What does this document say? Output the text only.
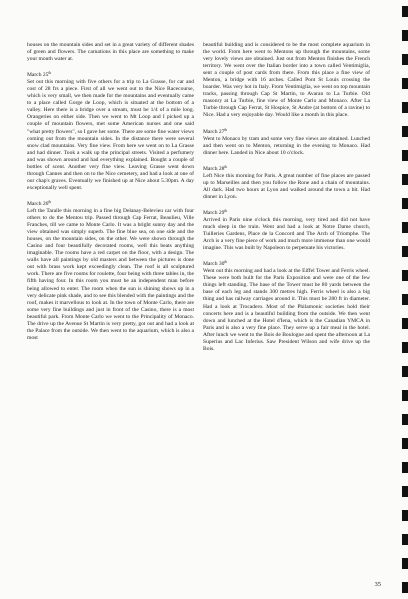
houses on the mountain sides and set in a great variety of different shades of green and flowers. The carnations in this place are something to make your mouth water at.

March 25th
Set out this morning with five others for a trip to La Grasse, for car and cost of 28 frs a piece. First of all we went out to the Nice Racecourse, which is very small, we then made for the mountains and eventually came to a place called Gorge de Loop, which is situated at the bottom of a valley. Here there is a bridge over a stream, must be 1/4 of a mile long. Orangeries on either side. Then we went to Mt Loop and I picked up a couple of mountain flowers, met some American nurses and one said "what pretty flowers", so I gave her some. There are some fine water views coming out from the mountain sides. In the distance there were several snow clad mountains. Very fine view. From here we went on to La Grasse and had dinner. Took a walk up the principal streets. Visited a perfumery and was shown around and had everything explained. Bought a couple of bottles of scent. Another very fine view. Leaving Grasse went down through Cannes and then on to the Nice cemetery, and had a look at one of our chap's graves. Eventually we finished up at Nice about 5.30pm. A day exceptionally well spent.

March 26th
Left the Taralle this morning in a fine big Delanay-Belevieu car with four others to do the Mentou trip. Passed through Cap Ferrat, Beaulieu, Ville Franches, till we came to Monte Carlo. It was a bright sunny day and the view obtained was simply superb. The fine blue sea, on one side and the houses, on the mountain sides, on the other. We were shown through the Casino and four beautifully decorated rooms, well this beats anything imaginable. The rooms have a red carpet on the floor, with a design. The walls have all paintings by old masters and between the pictures is done out with brass work kept exceedingly clean. The roof is all sculptured work. There are five rooms for roulette, four being with three tables in, the fifth having four. In this room you must be an independent man before being allowed to enter. The room when the sun is shining shows up in a very delicate pink shade, and to see this blended with the paintings and the roof, makes it marvellous to look at. In the town of Monte Carlo, there are some very fine buildings and just in front of the Casino, there is a most beautiful park. From Monte Carlo we went to the Principality of Monaco. The drive up the Avenue St Martin is very pretty, got out and had a look at the Palace from the outside. We then went to the aquarium, which is also a most

beautiful building and is considered to be the most complete aquarium in the world. From here went to Mentons up through the mountains, some very lovely views are obtained. Just out from Menton finishes the French territory. We went over the Italian border into a town called Ventimiglia, sent a couple of post cards from there. From this place a fine view of Menton, a bridge with 16 arches. Called Pont St Louis crossing the boarder. Was very hot in Italy. From Ventimiglia, we went on top mountain tracks, passing through Cap St Martin, to Avaran to La Turbie. Old masonry at La Turbie, fine view of Monte Carlo and Monaco. After La Turbie through Cap Ferrat, St Hospice, St Andre (at bottom of a ravine) to Nice. Had a very enjoyable day. Would like a month in this place.

March 27th
Went to Monaco by tram and some very fine views are obtained. Lunched and then went on to Menton, returning in the evening to Monaco. Had dinner here. Landed in Nice about 10 o'clock.

March 28th
Left Nice this morning for Paris. A great number of fine places are passed up to Marseilles and then you follow the Rone and a chain of mountains. All dark. Had two hours at Lyon and walked around the town a bit. Had dinner in Lyon.

March 29th
Arrived in Paris nine o'clock this morning, very tired and did not have much sleep in the train. Went and had a look at Notre Dame church, Tuilleries Gardens, Place de la Concord and The Arch of Triomphe. The Arch is a very fine piece of work and much more immense than one would imagine. This was built by Napoleon to perpetuate his victories.

March 30th
Went out this morning and had a look at the Eiffel Tower and Ferris wheel. These were both built for the Paris Exposition and were one of the few things left standing. The base of the Tower must be 80 yards between the base of each leg and stands 300 metres high. Ferris wheel is also a big thing and has railway carriages around it. This must be 280 ft in diameter. Had a look at Trocadero. Most of the Philamonic societies hold their concerts here and is a beautiful building from the outside. We then went down and lunched at the Hotel d'Iena, which is the Canadian YMCA in Paris and is also a very fine place. They serve up a fair meal in the hotel. After lunch we went to the Bois de Boulogne and spent the afternoon at La Superius and Lac Inferius. Saw President Wilson and wife drive up the Bois.

35
